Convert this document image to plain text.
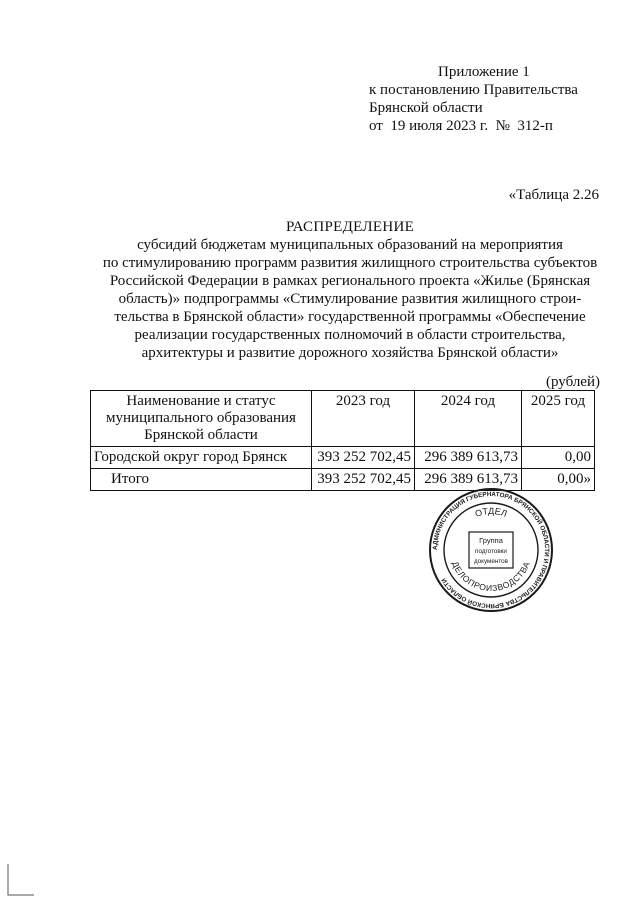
Приложение 1
к постановлению Правительства
Брянской области
от  19 июля 2023 г.  №  312-п
«Таблица 2.26
РАСПРЕДЕЛЕНИЕ
субсидий бюджетам муниципальных образований на мероприятия
по стимулированию программ развития жилищного строительства субъектов
Российской Федерации в рамках регионального проекта «Жилье (Брянская
область)» подпрограммы «Стимулирование развития жилищного строи-
тельства в Брянской области» государственной программы «Обеспечение
реализации государственных полномочий в области строительства,
архитектуры и развитие дорожного хозяйства Брянской области»
(рублей)
Наименование и статус муниципального образования Брянской области	2023 год	2024 год	2025 год
Городской округ город Брянск	393 252 702,45	296 389 613,73	0,00
Итого	393 252 702,45	296 389 613,73	0,00»
АДМИНИСТРАЦИЯ ГУБЕРНАТОРА БРЯНСКОЙ ОБЛАСТИ И ПРАВИТЕЛЬСТВА БРЯНСКОЙ ОБЛАСТИ
ОТДЕЛ
ДЕЛОПРОИЗВОДСТВА
Группа
подготовки
документов
